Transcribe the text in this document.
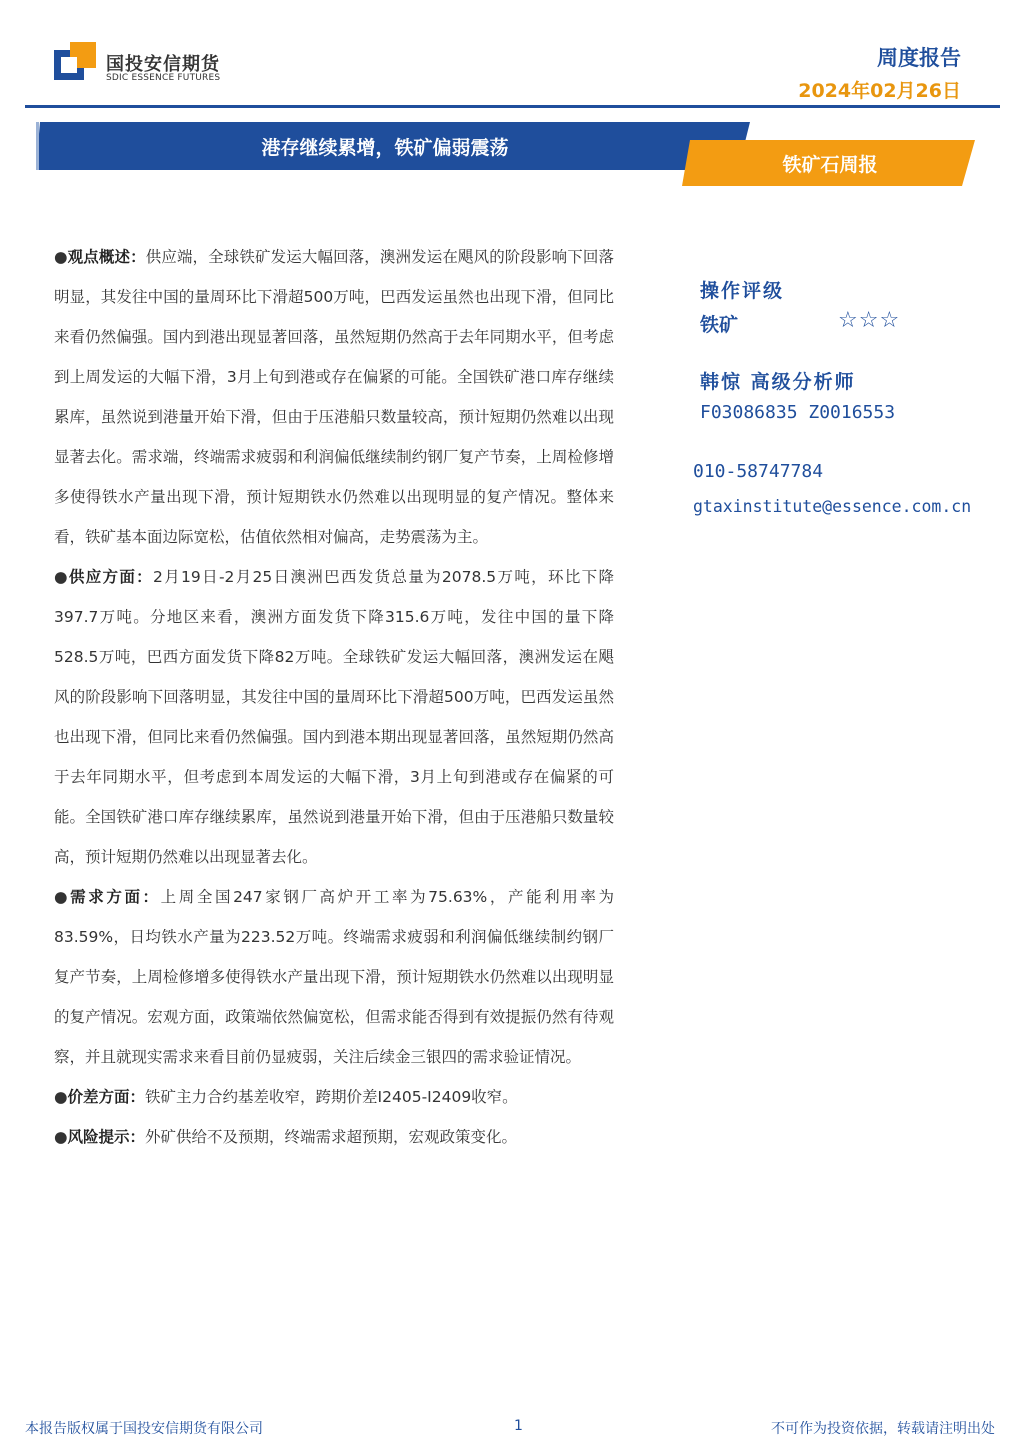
国投安信期货
SDIC ESSENCE FUTURES
周度报告
2024年02月26日
港存继续累增，铁矿偏弱震荡
铁矿石周报

●观点概述：供应端，全球铁矿发运大幅回落，澳洲发运在飓风的阶段影响下回落明显，其发往中国的量周环比下滑超500万吨，巴西发运虽然也出现下滑，但同比来看仍然偏强。国内到港出现显著回落，虽然短期仍然高于去年同期水平，但考虑到上周发运的大幅下滑，3月上旬到港或存在偏紧的可能。全国铁矿港口库存继续累库，虽然说到港量开始下滑，但由于压港船只数量较高，预计短期仍然难以出现显著去化。需求端，终端需求疲弱和利润偏低继续制约钢厂复产节奏，上周检修增多使得铁水产量出现下滑，预计短期铁水仍然难以出现明显的复产情况。整体来看，铁矿基本面边际宽松，估值依然相对偏高，走势震荡为主。

●供应方面：2月19日-2月25日澳洲巴西发货总量为2078.5万吨，环比下降397.7万吨。分地区来看，澳洲方面发货下降315.6万吨，发往中国的量下降528.5万吨，巴西方面发货下降82万吨。全球铁矿发运大幅回落，澳洲发运在飓风的阶段影响下回落明显，其发往中国的量周环比下滑超500万吨，巴西发运虽然也出现下滑，但同比来看仍然偏强。国内到港本期出现显著回落，虽然短期仍然高于去年同期水平，但考虑到本周发运的大幅下滑，3月上旬到港或存在偏紧的可能。全国铁矿港口库存继续累库，虽然说到港量开始下滑，但由于压港船只数量较高，预计短期仍然难以出现显著去化。

●需求方面：上周全国247家钢厂高炉开工率为75.63%，产能利用率为83.59%，日均铁水产量为223.52万吨。终端需求疲弱和利润偏低继续制约钢厂复产节奏，上周检修增多使得铁水产量出现下滑，预计短期铁水仍然难以出现明显的复产情况。宏观方面，政策端依然偏宽松，但需求能否得到有效提振仍然有待观察，并且就现实需求来看目前仍显疲弱，关注后续金三银四的需求验证情况。

●价差方面：铁矿主力合约基差收窄，跨期价差I2405-I2409收窄。

●风险提示：外矿供给不及预期，终端需求超预期，宏观政策变化。

操作评级
铁矿	☆☆☆
韩惊 高级分析师
F03086835 Z0016553
010-58747784
gtaxinstitute@essence.com.cn
本报告版权属于国投安信期货有限公司	1	不可作为投资依据，转载请注明出处
